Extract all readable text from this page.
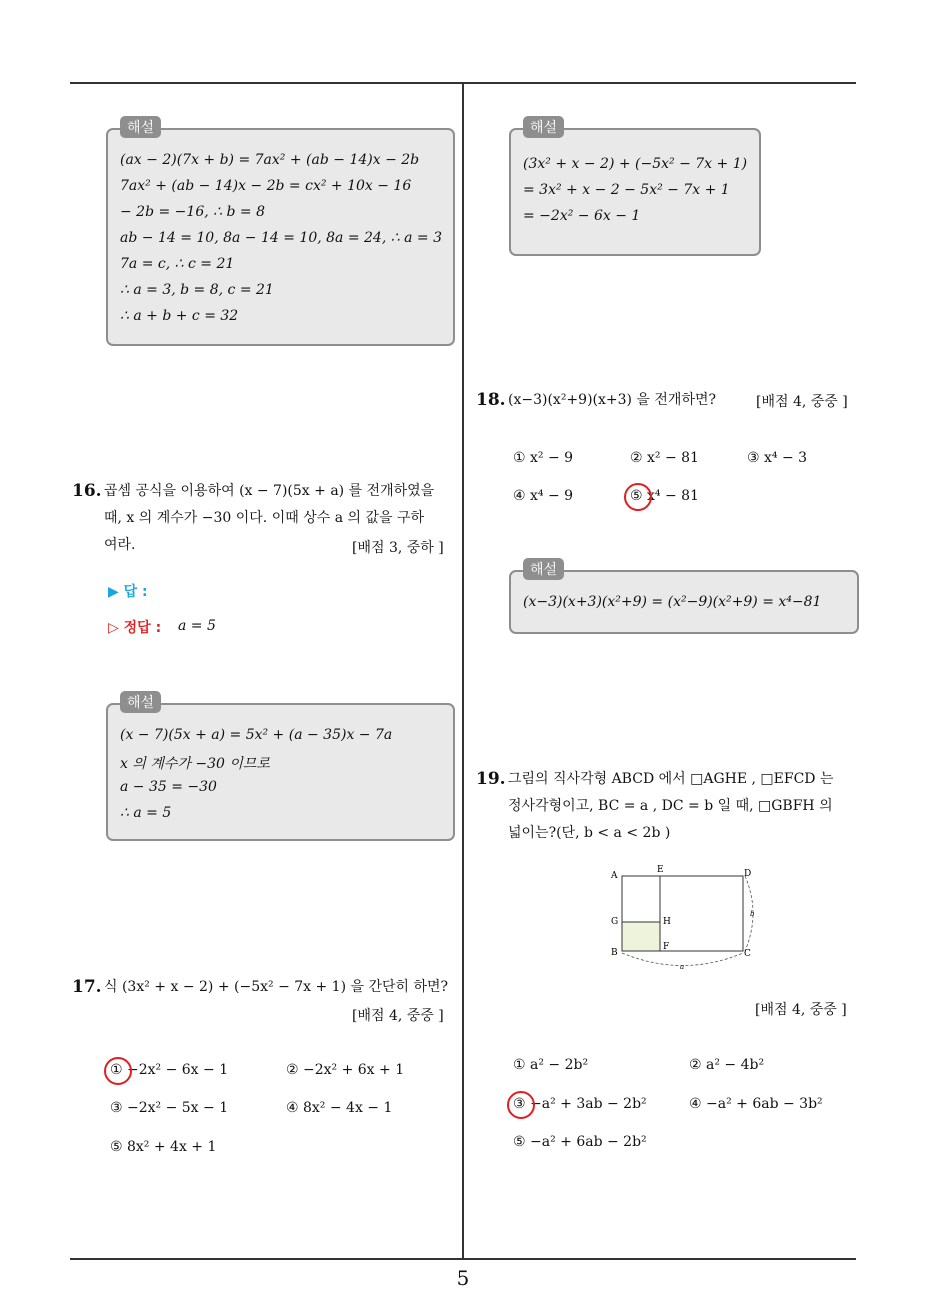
해설
(ax − 2)(7x + b) = 7ax² + (ab − 14)x − 2b
7ax² + (ab − 14)x − 2b = cx² + 10x − 16
− 2b = −16, ∴ b = 8
ab − 14 = 10, 8a − 14 = 10, 8a = 24, ∴ a = 3
7a = c, ∴ c = 21
∴ a = 3, b = 8, c = 21
∴ a + b + c = 32
16. 곱셈 공식을 이용하여 (x − 7)(5x + a) 를 전개하였을
때, x 의 계수가 −30 이다. 이때 상수 a 의 값을 구하
여라.	[배점 3, 중하 ]
▶ 답 :
▷ 정답 : a = 5
해설
(x − 7)(5x + a) = 5x² + (a − 35)x − 7a
x 의 계수가 −30 이므로
a − 35 = −30
∴ a = 5
17. 식 (3x² + x − 2) + (−5x² − 7x + 1) 을 간단히 하면?
[배점 4, 중중 ]
① −2x² − 6x − 1	② −2x² + 6x + 1
③ −2x² − 5x − 1	④ 8x² − 4x − 1
⑤ 8x² + 4x + 1
해설
(3x² + x − 2) + (−5x² − 7x + 1)
= 3x² + x − 2 − 5x² − 7x + 1
= −2x² − 6x − 1
18. (x−3)(x²+9)(x+3) 을 전개하면?	[배점 4, 중중 ]
① x² − 9	② x² − 81	③ x⁴ − 3
④ x⁴ − 9	⑤ x⁴ − 81
해설
(x−3)(x+3)(x²+9) = (x²−9)(x²+9) = x⁴−81
19. 그림의 직사각형 ABCD 에서 □AGHE , □EFCD 는
정사각형이고, BC = a , DC = b 일 때, □GBFH 의
넓이는?(단, b < a < 2b )
A
E	D
G	H
B
F
C
a
b
[배점 4, 중중 ]
① a² − 2b²	② a² − 4b²
③ −a² + 3ab − 2b²	④ −a² + 6ab − 3b²
⑤ −a² + 6ab − 2b²
5
